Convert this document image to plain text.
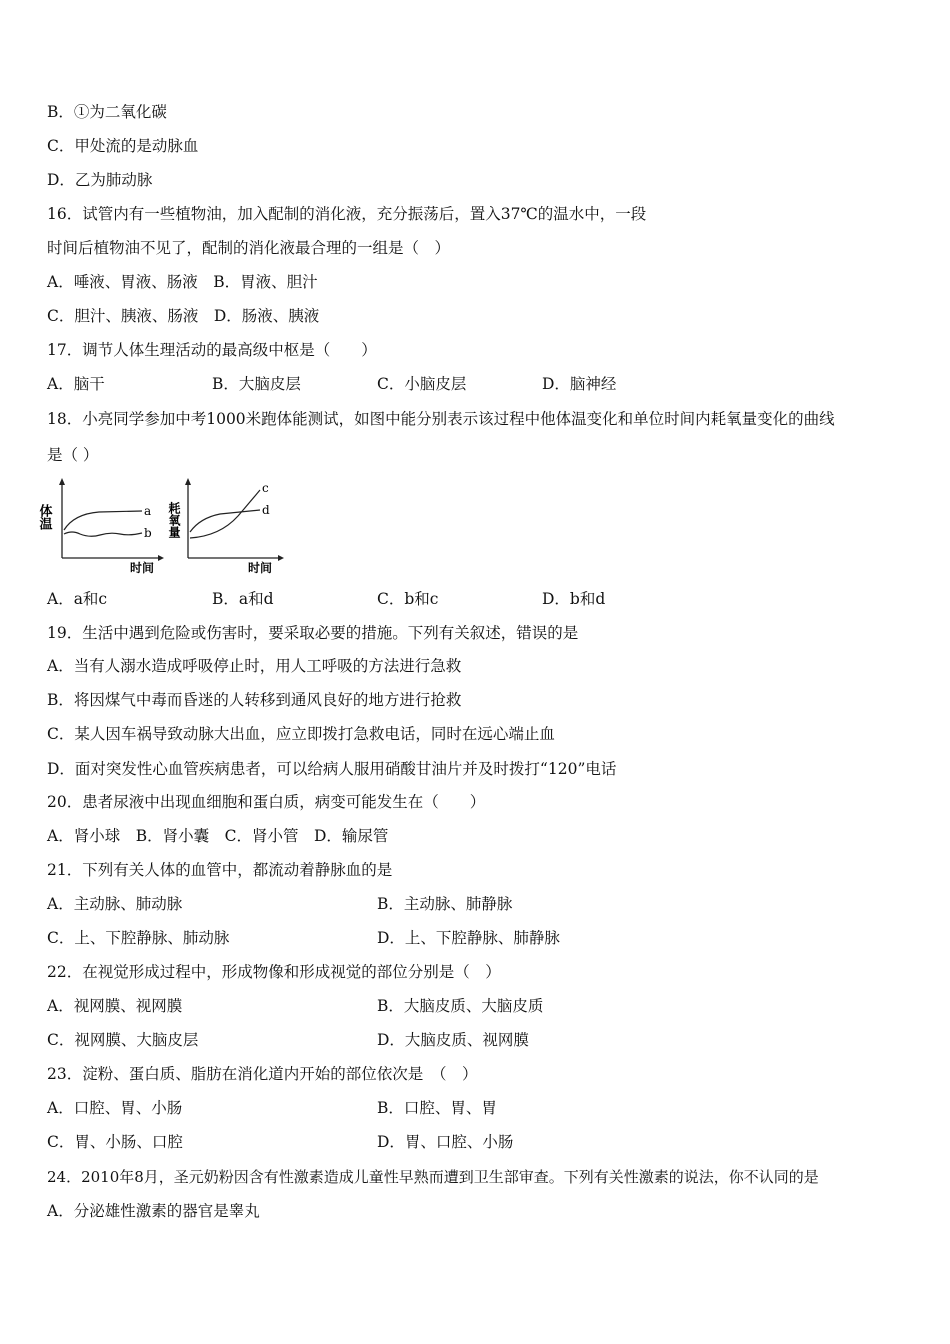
B．①为二氧化碳
C．甲处流的是动脉血
D．乙为肺动脉
16．试管内有一些植物油，加入配制的消化液，充分振荡后，置入37℃的温水中，一段
时间后植物油不见了，配制的消化液最合理的一组是（　）
A．唾液、胃液、肠液　B．胃液、胆汁
C．胆汁、胰液、肠液　D．肠液、胰液
17．调节人体生理活动的最高级中枢是（　　）
A．脑干	B．大脑皮层	C．小脑皮层	D．脑神经
18．小亮同学参加中考1000米跑体能测试，如图中能分别表示该过程中他体温变化和单位时间内耗氧量变化的曲线
是（ ）
体温	a
b
时间
耗氧量
c
d
时间
A．a和c	B．a和d	C．b和c	D．b和d
19．生活中遇到危险或伤害时，要采取必要的措施。下列有关叙述，错误的是
A．当有人溺水造成呼吸停止时，用人工呼吸的方法进行急救
B．将因煤气中毒而昏迷的人转移到通风良好的地方进行抢救
C．某人因车祸导致动脉大出血，应立即拨打急救电话，同时在远心端止血
D．面对突发性心血管疾病患者，可以给病人服用硝酸甘油片并及时拨打“120”电话
20．患者尿液中出现血细胞和蛋白质，病变可能发生在（　　）
A．肾小球　B．肾小囊　C．肾小管　D．输尿管
21．下列有关人体的血管中，都流动着静脉血的是
A．主动脉、肺动脉	B．主动脉、肺静脉
C．上、下腔静脉、肺动脉	D．上、下腔静脉、肺静脉
22．在视觉形成过程中，形成物像和形成视觉的部位分别是（　）
A．视网膜、视网膜	B．大脑皮质、大脑皮质
C．视网膜、大脑皮层	D．大脑皮质、视网膜
23．淀粉、蛋白质、脂肪在消化道内开始的部位依次是　（　）
A．口腔、胃、小肠	B．口腔、胃、胃
C．胃、小肠、口腔	D．胃、口腔、小肠
24．2010年8月，圣元奶粉因含有性激素造成儿童性早熟而遭到卫生部审查。下列有关性激素的说法，你不认同的是
A．分泌雄性激素的器官是睾丸
